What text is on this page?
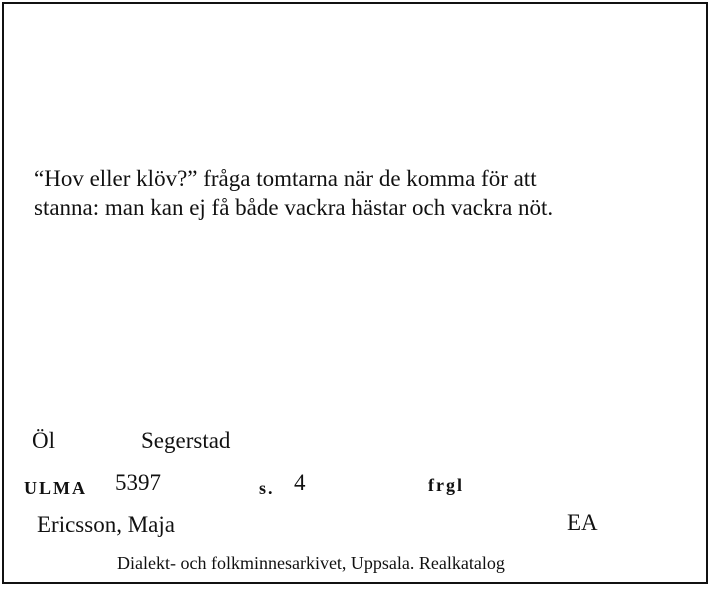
“Hov eller klöv?” fråga tomtarna när de komma för att
stanna: man kan ej få både vackra hästar och vackra nöt.

Öl	Segerstad
ULMA 5397	s. 4	frgl
Ericsson, Maja	EA
Dialekt- och folkminnesarkivet, Uppsala. Realkatalog
